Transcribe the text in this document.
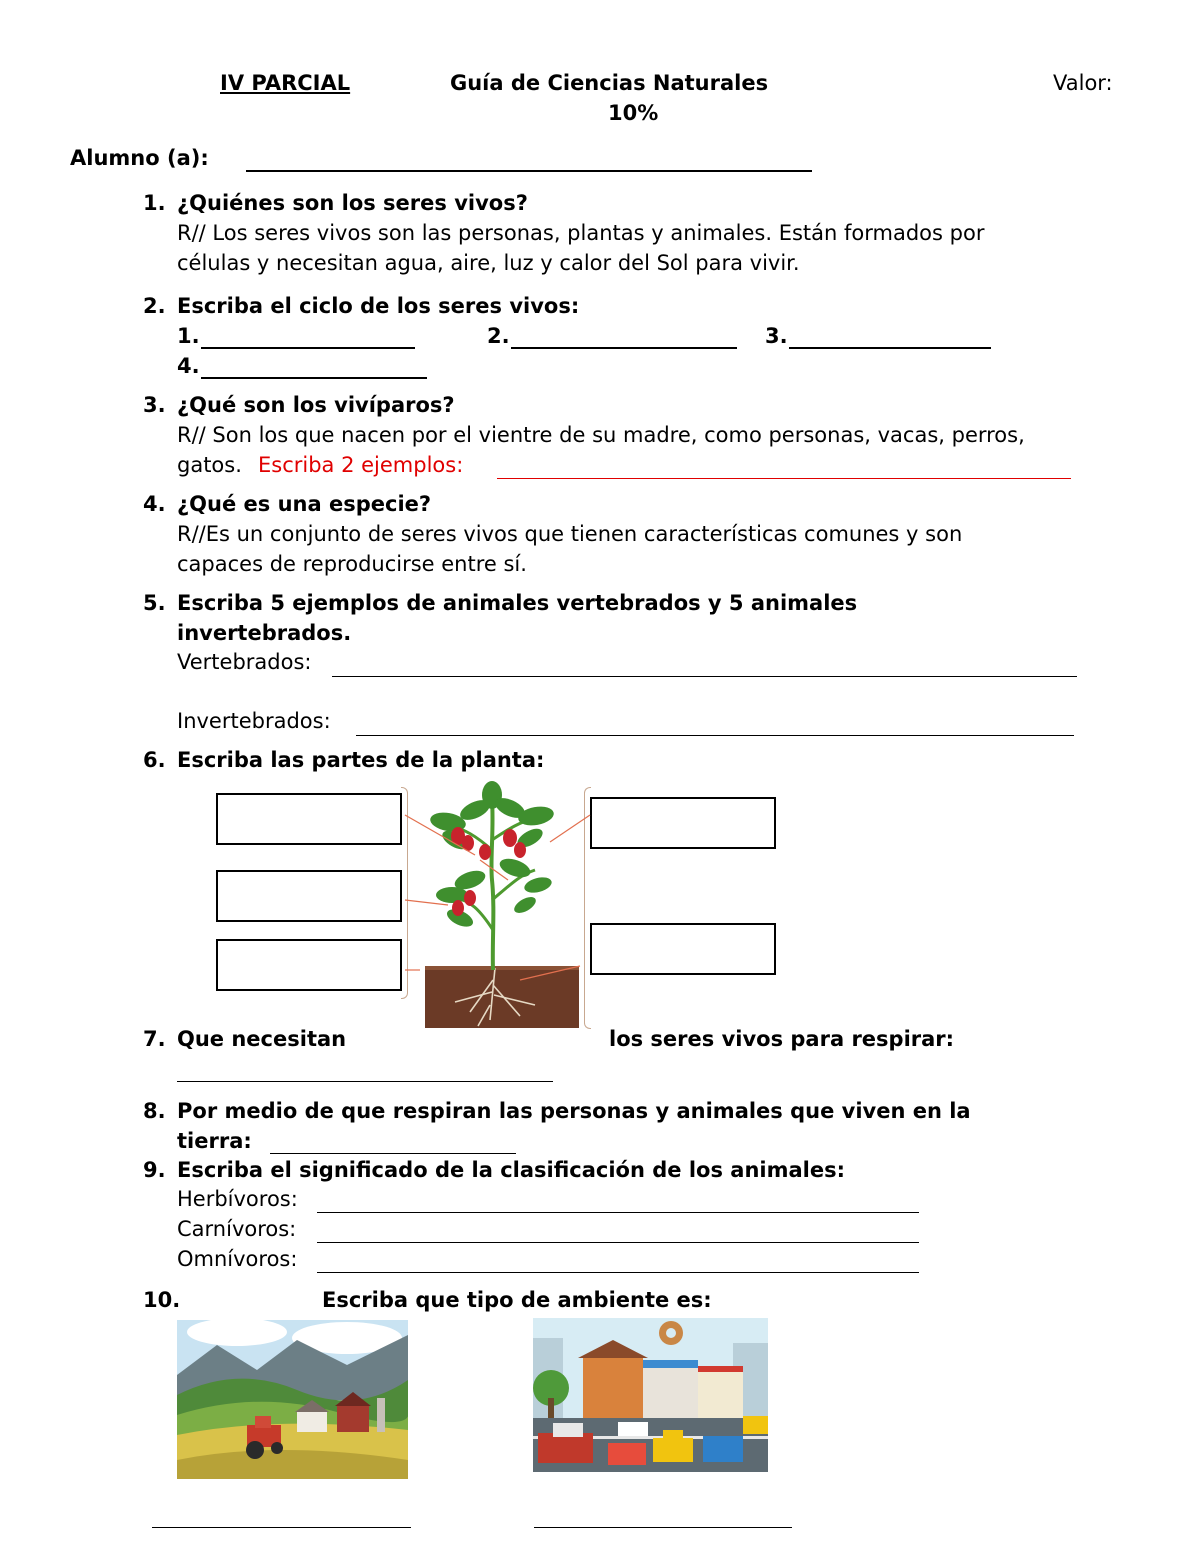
IV PARCIAL	Guía de Ciencias Naturales	Valor:
10%
Alumno (a):
1. ¿Quiénes son los seres vivos?
R// Los seres vivos son las personas, plantas y animales. Están formados por
células y necesitan agua, aire, luz y calor del Sol para vivir.
2. Escriba el ciclo de los seres vivos:
1.	2.	3.
4.
3. ¿Qué son los vivíparos?
R// Son los que nacen por el vientre de su madre, como personas, vacas, perros,
gatos. Escriba 2 ejemplos:
4. ¿Qué es una especie?
R//Es un conjunto de seres vivos que tienen características comunes y son
capaces de reproducirse entre sí.
5. Escriba 5 ejemplos de animales vertebrados y 5 animales
invertebrados.
Vertebrados:
Invertebrados:
6. Escriba las partes de la planta:
7. Que necesitan	los seres vivos para respirar:
8. Por medio de que respiran las personas y animales que viven en la
tierra:
9. Escriba el significado de la clasificación de los animales:
Herbívoros:
Carnívoros:
Omnívoros:
10.	Escriba que tipo de ambiente es:
